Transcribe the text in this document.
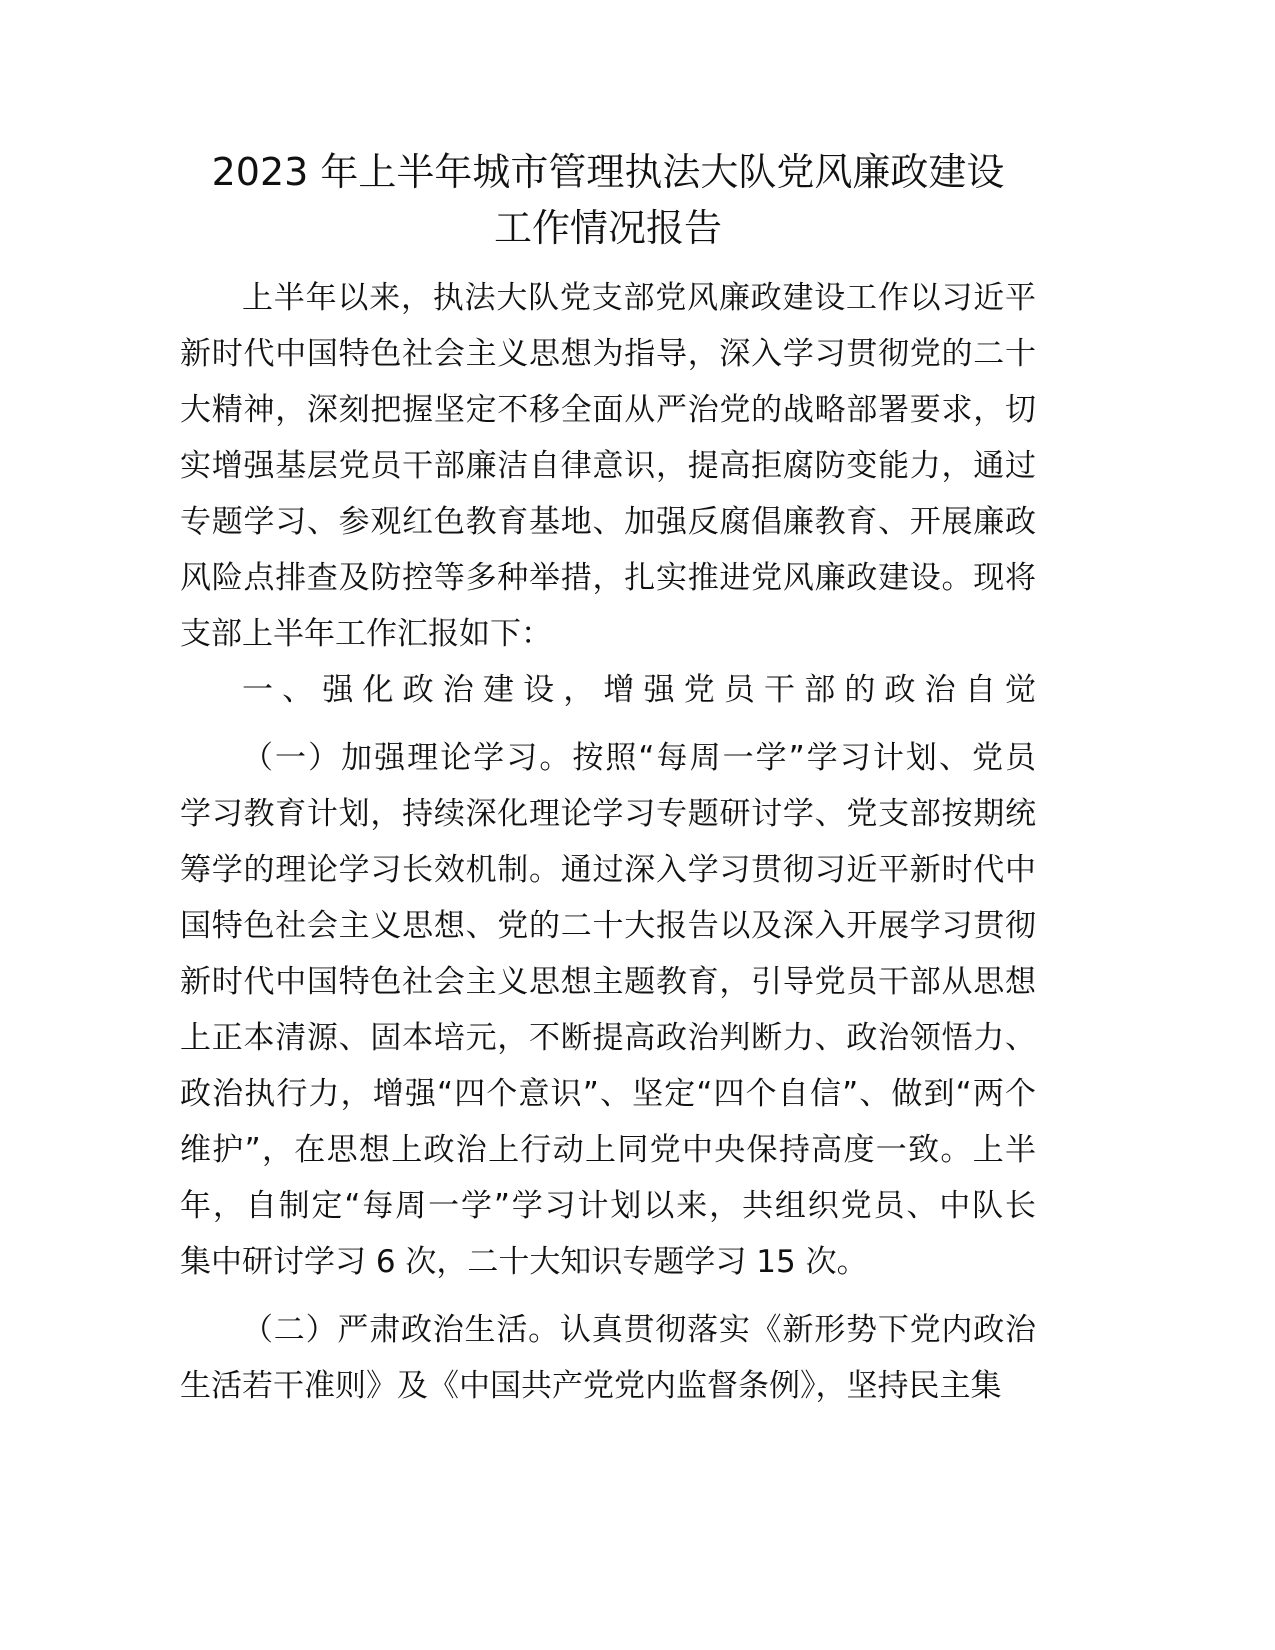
2023 年上半年城市管理执法大队党风廉政建设
工作情况报告
上半年以来，执法大队党支部党风廉政建设工作以习近平
新时代中国特色社会主义思想为指导，深入学习贯彻党的二十
大精神，深刻把握坚定不移全面从严治党的战略部署要求，切
实增强基层党员干部廉洁自律意识，提高拒腐防变能力，通过
专题学习、参观红色教育基地、加强反腐倡廉教育、开展廉政
风险点排查及防控等多种举措，扎实推进党风廉政建设。现将
支部上半年工作汇报如下：
一、强化政治建设，增强党员干部的政治自觉
（一）加强理论学习。按照“每周一学”学习计划、党员
学习教育计划，持续深化理论学习专题研讨学、党支部按期统
筹学的理论学习长效机制。通过深入学习贯彻习近平新时代中
国特色社会主义思想、党的二十大报告以及深入开展学习贯彻
新时代中国特色社会主义思想主题教育，引导党员干部从思想
上正本清源、固本培元，不断提高政治判断力、政治领悟力、
政治执行力，增强“四个意识”、坚定“四个自信”、做到“两个
维护”，在思想上政治上行动上同党中央保持高度一致。上半
年，自制定“每周一学”学习计划以来，共组织党员、中队长
集中研讨学习 6 次，二十大知识专题学习 15 次。
（二）严肃政治生活。认真贯彻落实《新形势下党内政治
生活若干准则》及《中国共产党党内监督条例》，坚持民主集
